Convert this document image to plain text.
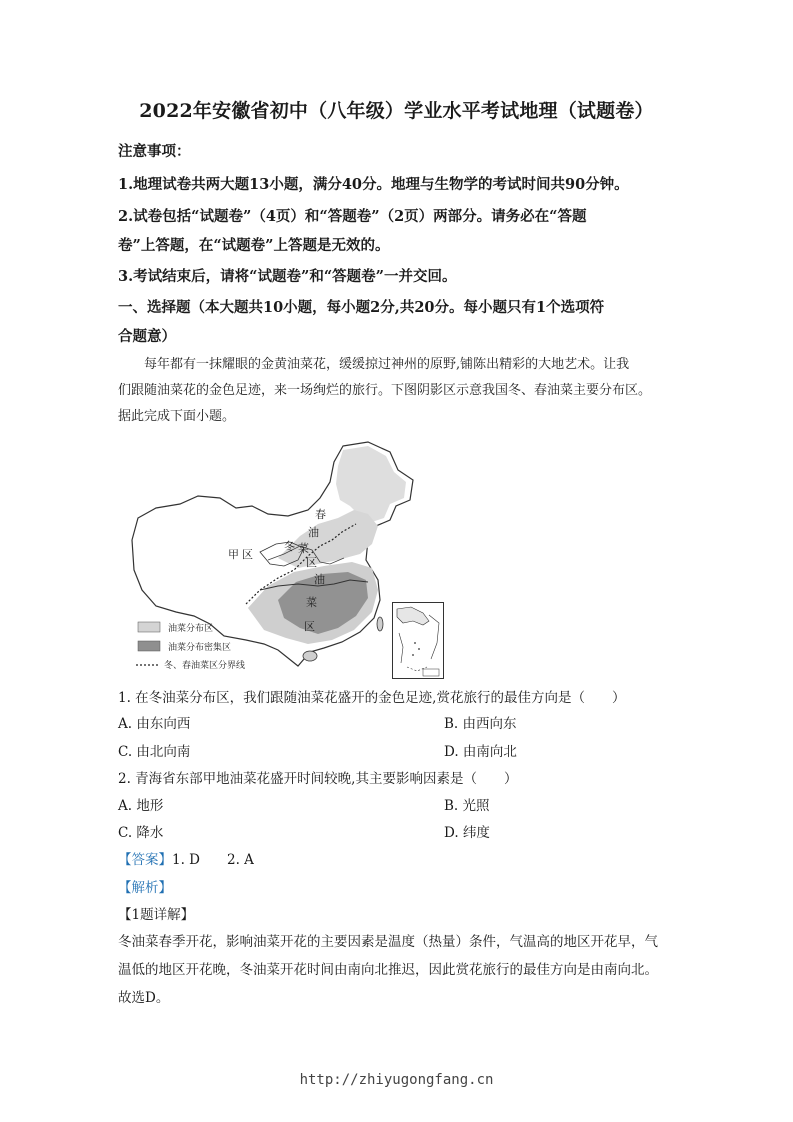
2022年安徽省初中（八年级）学业水平考试地理（试题卷）
注意事项：
1.地理试卷共两大题13小题，满分40分。地理与生物学的考试时间共90分钟。
2.试卷包括“试题卷”（4页）和“答题卷”（2页）两部分。请务必在“答题
卷”上答题，在“试题卷”上答题是无效的。
3.考试结束后，请将“试题卷”和“答题卷”一并交回。
一、选择题（本大题共10小题，每小题2分,共20分。每小题只有1个选项符
合题意）
每年都有一抹耀眼的金黄油菜花，缓缓掠过神州的原野,铺陈出精彩的大地艺术。让我
们跟随油菜花的金色足迹，来一场绚烂的旅行。下图阴影区示意我国冬、春油菜主要分布区。
据此完成下面小题。
甲 区
春
油
菜
区
冬
油
菜
区
油菜分布区
油菜分布密集区
冬、春油菜区分界线
1. 在冬油菜分布区，我们跟随油菜花盛开的金色足迹,赏花旅行的最佳方向是（　　）
A. 由东向西	B. 由西向东
C. 由北向南	D. 由南向北
2. 青海省东部甲地油菜花盛开时间较晚,其主要影响因素是（　　）
A. 地形	B. 光照
C. 降水	D. 纬度
【答案】1. D　　2. A
【解析】
【1题详解】
冬油菜春季开花，影响油菜开花的主要因素是温度（热量）条件，气温高的地区开花早，气
温低的地区开花晚，冬油菜开花时间由南向北推迟，因此赏花旅行的最佳方向是由南向北。
故选D。
http://zhiyugongfang.cn
